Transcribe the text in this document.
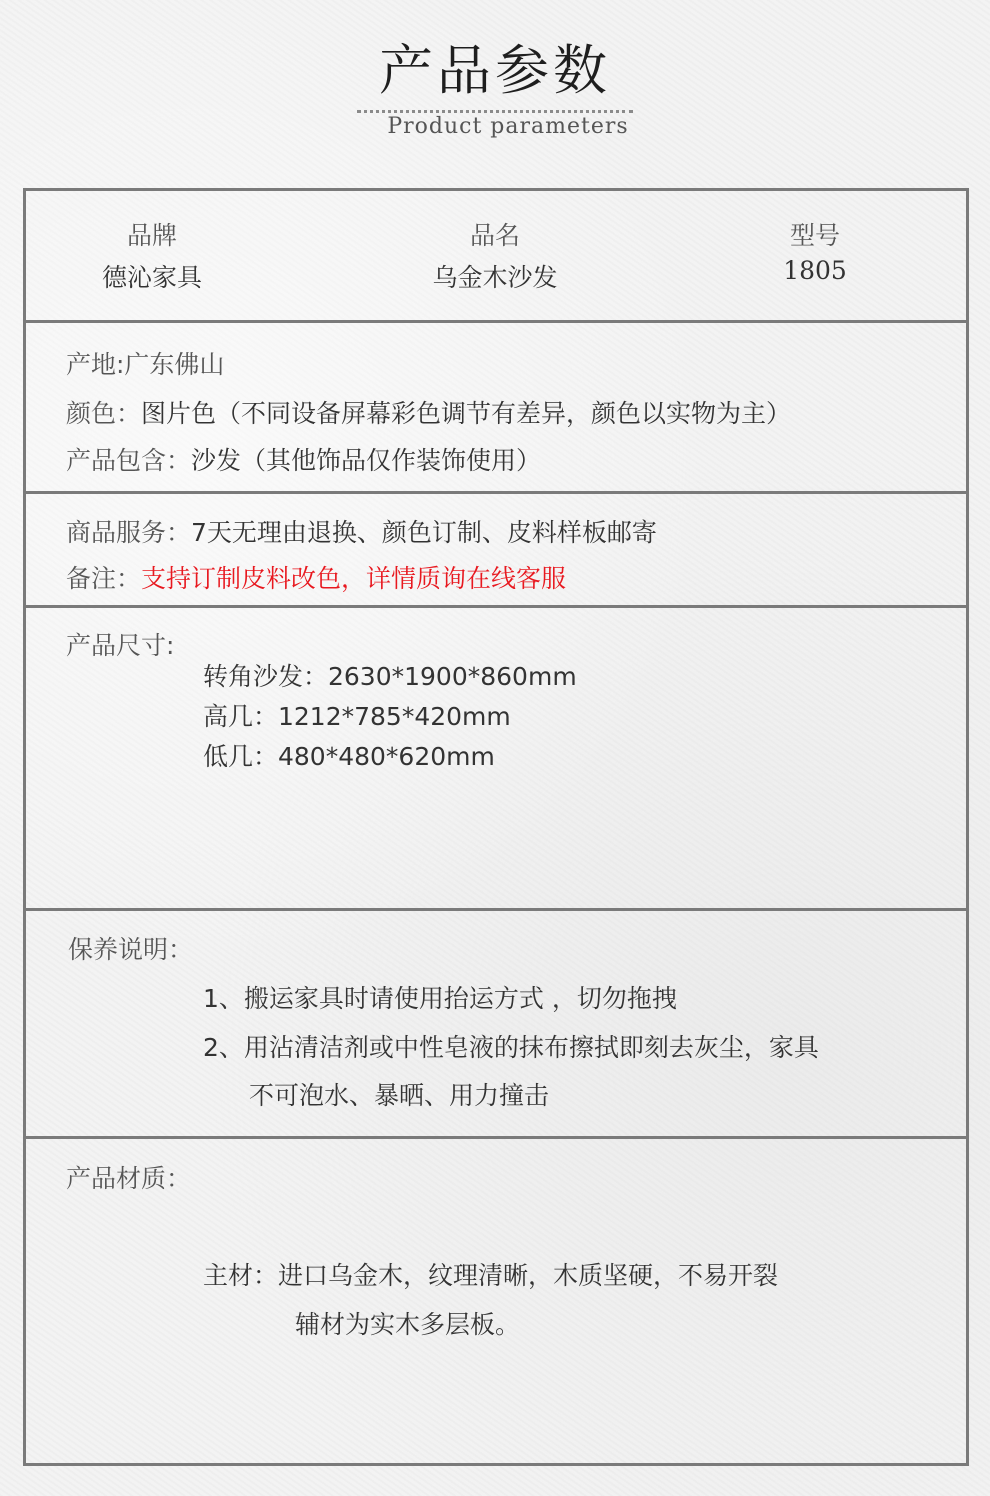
产品参数
Product parameters
品牌
德沁家具
品名
乌金木沙发
型号
1805
产地:广东佛山
颜色：图片色（不同设备屏幕彩色调节有差异，颜色以实物为主）
产品包含：沙发（其他饰品仅作装饰使用）
商品服务：7天无理由退换、颜色订制、皮料样板邮寄
备注：支持订制皮料改色，详情质询在线客服
产品尺寸:
转角沙发：2630*1900*860mm
高几：1212*785*420mm
低几：480*480*620mm
保养说明：
1、搬运家具时请使用抬运方式 ，切勿拖拽
2、用沾清洁剂或中性皂液的抹布擦拭即刻去灰尘，家具
不可泡水、暴晒、用力撞击
产品材质：
主材：进口乌金木，纹理清晰，木质坚硬，不易开裂
辅材为实木多层板。
